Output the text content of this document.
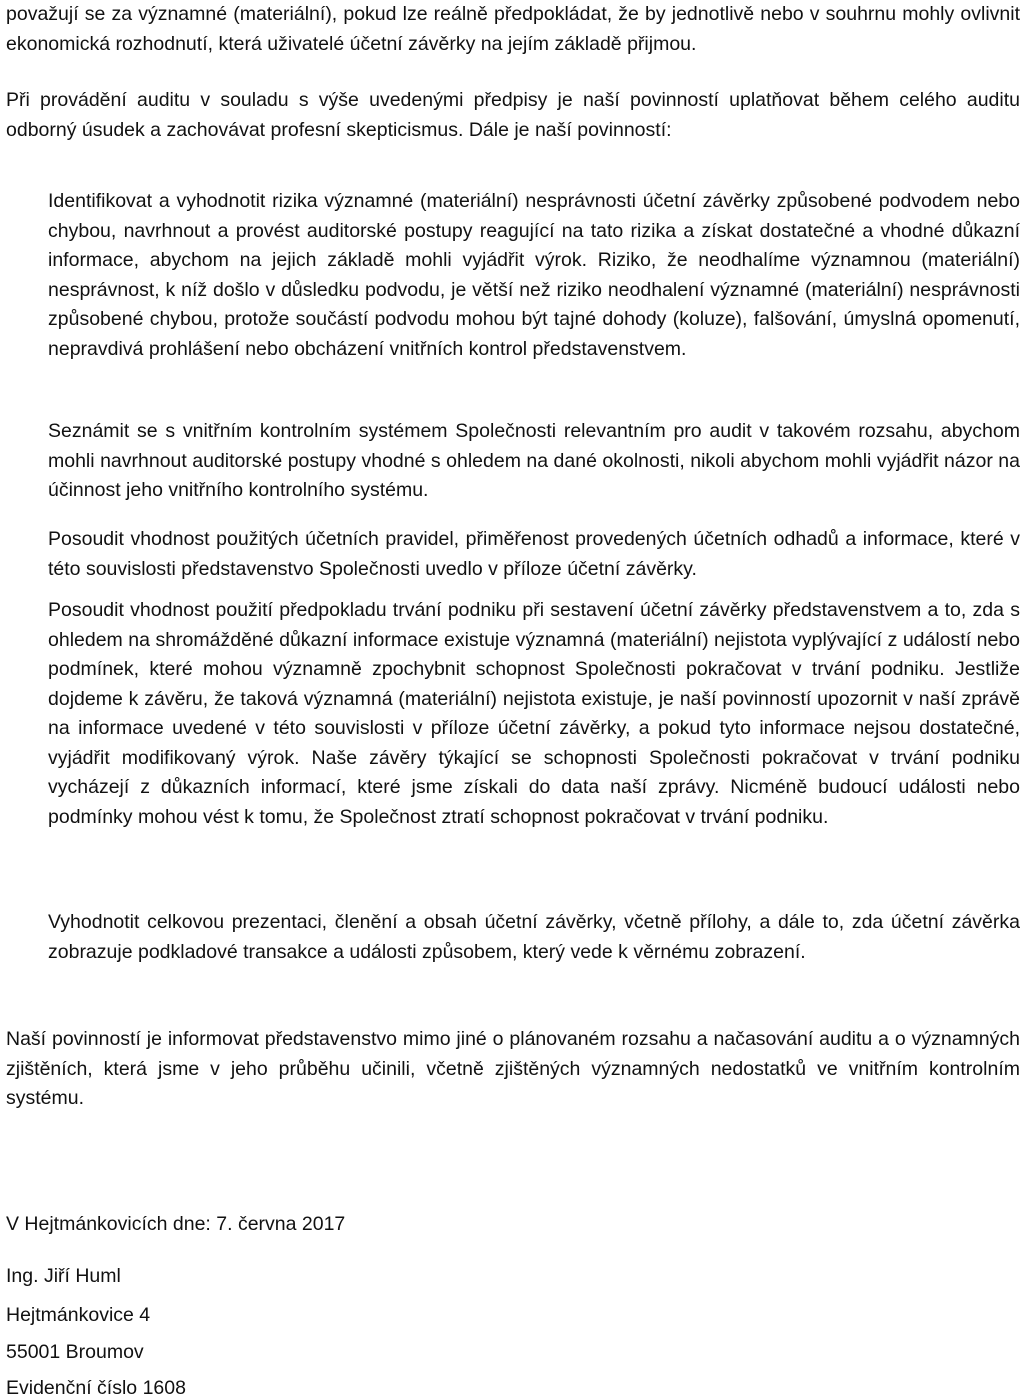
považují se za významné (materiální), pokud lze reálně předpokládat, že by jednotlivě nebo v souhrnu mohly ovlivnit ekonomická rozhodnutí, která uživatelé účetní závěrky na jejím základě přijmou.

Při provádění auditu v souladu s výše uvedenými předpisy je naší povinností uplatňovat během celého auditu odborný úsudek a zachovávat profesní skepticismus. Dále je naší povinností:

Identifikovat a vyhodnotit rizika významné (materiální) nesprávnosti účetní závěrky způsobené podvodem nebo chybou, navrhnout a provést auditorské postupy reagující na tato rizika a získat dostatečné a vhodné důkazní informace, abychom na jejich základě mohli vyjádřit výrok. Riziko, že neodhalíme významnou (materiální) nesprávnost, k níž došlo v důsledku podvodu, je větší než riziko neodhalení významné (materiální) nesprávnosti způsobené chybou, protože součástí podvodu mohou být tajné dohody (koluze), falšování, úmyslná opomenutí, nepravdivá prohlášení nebo obcházení vnitřních kontrol představenstvem.

Seznámit se s vnitřním kontrolním systémem Společnosti relevantním pro audit v takovém rozsahu, abychom mohli navrhnout auditorské postupy vhodné s ohledem na dané okolnosti, nikoli abychom mohli vyjádřit názor na účinnost jeho vnitřního kontrolního systému.

Posoudit vhodnost použitých účetních pravidel, přiměřenost provedených účetních odhadů a informace, které v této souvislosti představenstvo Společnosti uvedlo v příloze účetní závěrky.

Posoudit vhodnost použití předpokladu trvání podniku při sestavení účetní závěrky představenstvem a to, zda s ohledem na shromážděné důkazní informace existuje významná (materiální) nejistota vyplývající z událostí nebo podmínek, které mohou významně zpochybnit schopnost Společnosti pokračovat v trvání podniku. Jestliže dojdeme k závěru, že taková významná (materiální) nejistota existuje, je naší povinností upozornit v naší zprávě na informace uvedené v této souvislosti v příloze účetní závěrky, a pokud tyto informace nejsou dostatečné, vyjádřit modifikovaný výrok. Naše závěry týkající se schopnosti Společnosti pokračovat v trvání podniku vycházejí z důkazních informací, které jsme získali do data naší zprávy. Nicméně budoucí události nebo podmínky mohou vést k tomu, že Společnost ztratí schopnost pokračovat v trvání podniku.

Vyhodnotit celkovou prezentaci, členění a obsah účetní závěrky, včetně přílohy, a dále to, zda účetní závěrka zobrazuje podkladové transakce a události způsobem, který vede k věrnému zobrazení.

Naší povinností je informovat představenstvo mimo jiné o plánovaném rozsahu a načasování auditu a o významných zjištěních, která jsme v jeho průběhu učinili, včetně zjištěných významných nedostatků ve vnitřním kontrolním systému.

V Hejtmánkovicích dne: 7. června 2017

Ing. Jiří Huml

Hejtmánkovice 4

55001 Broumov

Evidenční číslo 1608
